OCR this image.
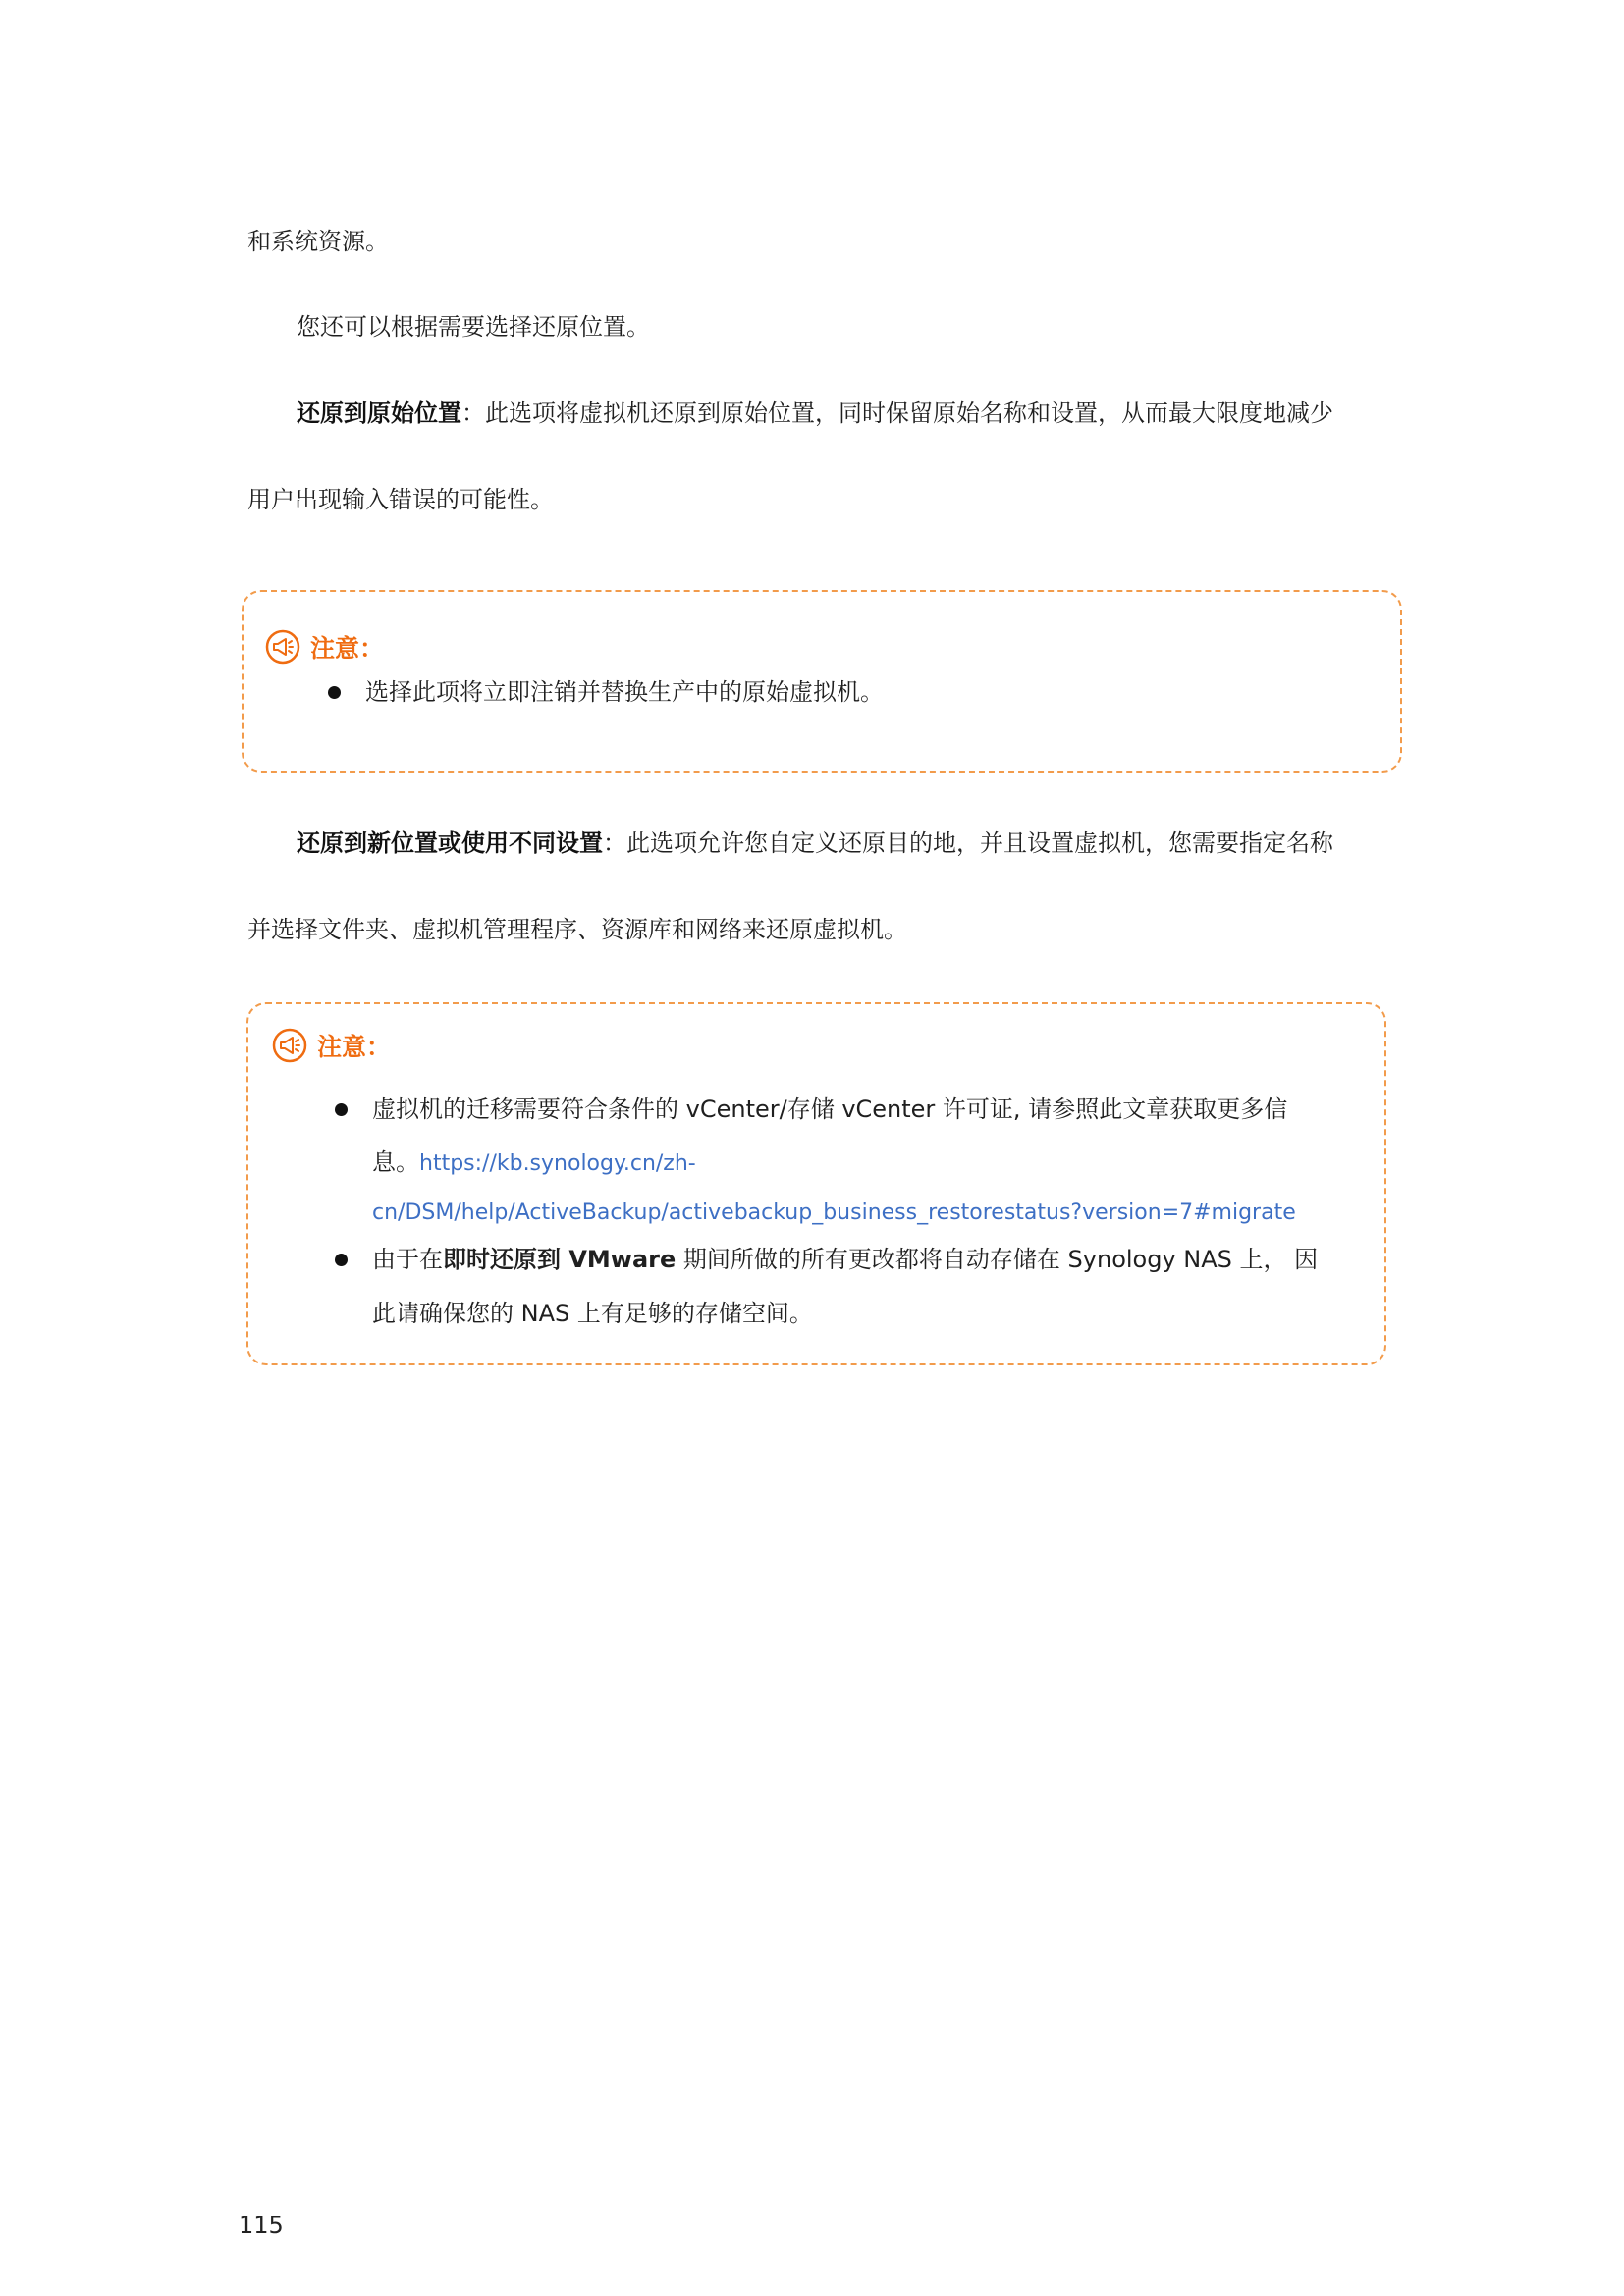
和系统资源。
您还可以根据需要选择还原位置。
还原到原始位置：此选项将虚拟机还原到原始位置，同时保留原始名称和设置，从而最大限度地减少
用户出现输入错误的可能性。
注意：
选择此项将立即注销并替换生产中的原始虚拟机。
还原到新位置或使用不同设置：此选项允许您自定义还原目的地，并且设置虚拟机，您需要指定名称
并选择文件夹、虚拟机管理程序、资源库和网络来还原虚拟机。
注意：
虚拟机的迁移需要符合条件的 vCenter/存储 vCenter 许可证, 请参照此文章获取更多信
息。https://kb.synology.cn/zh-
cn/DSM/help/ActiveBackup/activebackup_business_restorestatus?version=7#migrate
由于在即时还原到 VMware 期间所做的所有更改都将自动存储在 Synology NAS 上， 因
此请确保您的 NAS 上有足够的存储空间。
115
